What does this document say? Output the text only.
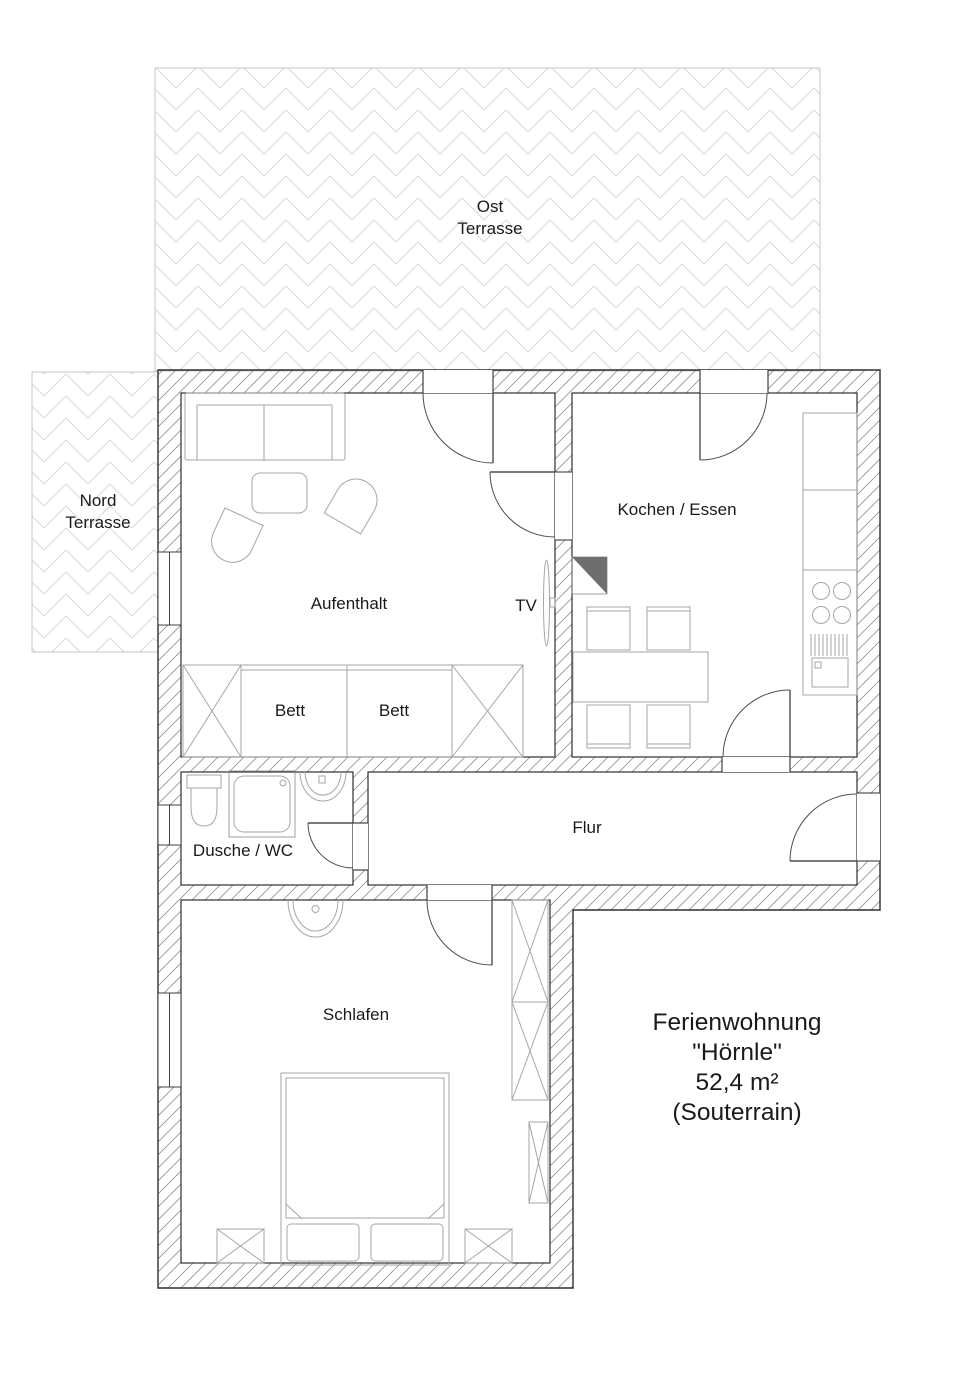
Ost
Terrasse
Nord
Terrasse
Aufenthalt	TV
Kochen / Essen
Bett	Bett
Dusche / WC
Flur
Schlafen	Ferienwohnung
"Hörnle"
52,4 m²
(Souterrain)
